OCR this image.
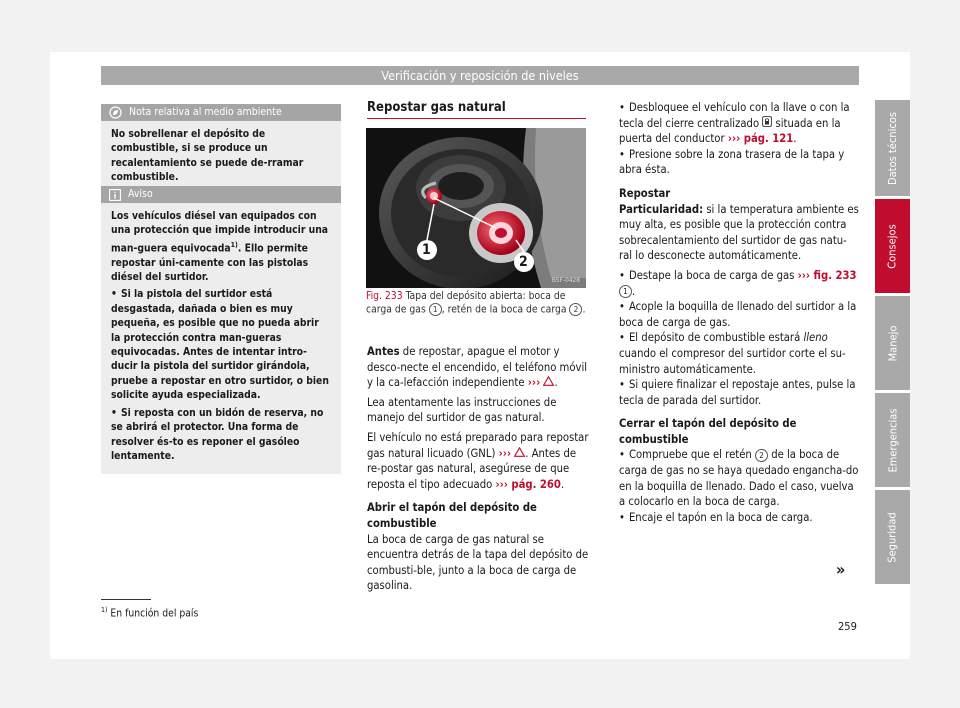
Verificación y reposición de niveles
Nota relativa al medio ambiente

No sobrellenar el depósito de combustible, si se produce un recalentamiento se puede de-rramar combustible.

Aviso

Los vehículos diésel van equipados con una protección que impide introducir una man-guera equivocada$^{1)}$. Ello permite repostar úni-camente con las pistolas diésel del surtidor.

• Si la pistola del surtidor está desgastada, dañada o bien es muy pequeña, es posible que no pueda abrir la protección contra man-gueras equivocadas. Antes de intentar intro-ducir la pistola del surtidor girándola, pruebe a repostar en otro surtidor, o bien solicite ayuda especializada.

• Si reposta con un bidón de reserva, no se abrirá el protector. Una forma de resolver és-to es reponer el gasóleo lentamente.

Repostar gas natural
1
2
B5F-0428
Fig. 233 Tapa del depósito abierta: boca de carga de gas 1 , retén de la boca de carga 2 .

Antes de repostar, apague el motor y desco-necte el encendido, el teléfono móvil y la ca-lefacción independiente ››› .

Lea atentamente las instrucciones de manejo del surtidor de gas natural.

El vehículo no está preparado para repostar gas natural licuado (GNL) ››› . Antes de re-postar gas natural, asegúrese de que reposta el tipo adecuado ››› pág. 260.

Abrir el tapón del depósito de combustible

La boca de carga de gas natural se encuentra detrás de la tapa del depósito de combusti-ble, junto a la boca de carga de gasolina.

• Desbloquee el vehículo con la llave o con la tecla del cierre centralizado situada en la puerta del conductor ››› pág. 121.

• Presione sobre la zona trasera de la tapa y abra ésta.

Repostar

Particularidad: si la temperatura ambiente es muy alta, es posible que la protección contra sobrecalentamiento del surtidor de gas natu-ral lo desconecte automáticamente.

• Destape la boca de carga de gas ››› fig. 233 1 .

• Acople la boquilla de llenado del surtidor a la boca de carga de gas.

• El depósito de combustible estará lleno cuando el compresor del surtidor corte el su-ministro automáticamente.

• Si quiere finalizar el repostaje antes, pulse la tecla de parada del surtidor.

Cerrar el tapón del depósito de combustible

• Compruebe que el retén 2 de la boca de carga de gas no se haya quedado engancha-do en la boquilla de llenado. Dado el caso, vuelva a colocarlo en la boca de carga.

• Encaje el tapón en la boca de carga.

»
$^{1)}$ En función del país
259
Datos técnicos
Consejos
Manejo
Emergencias
Seguridad
